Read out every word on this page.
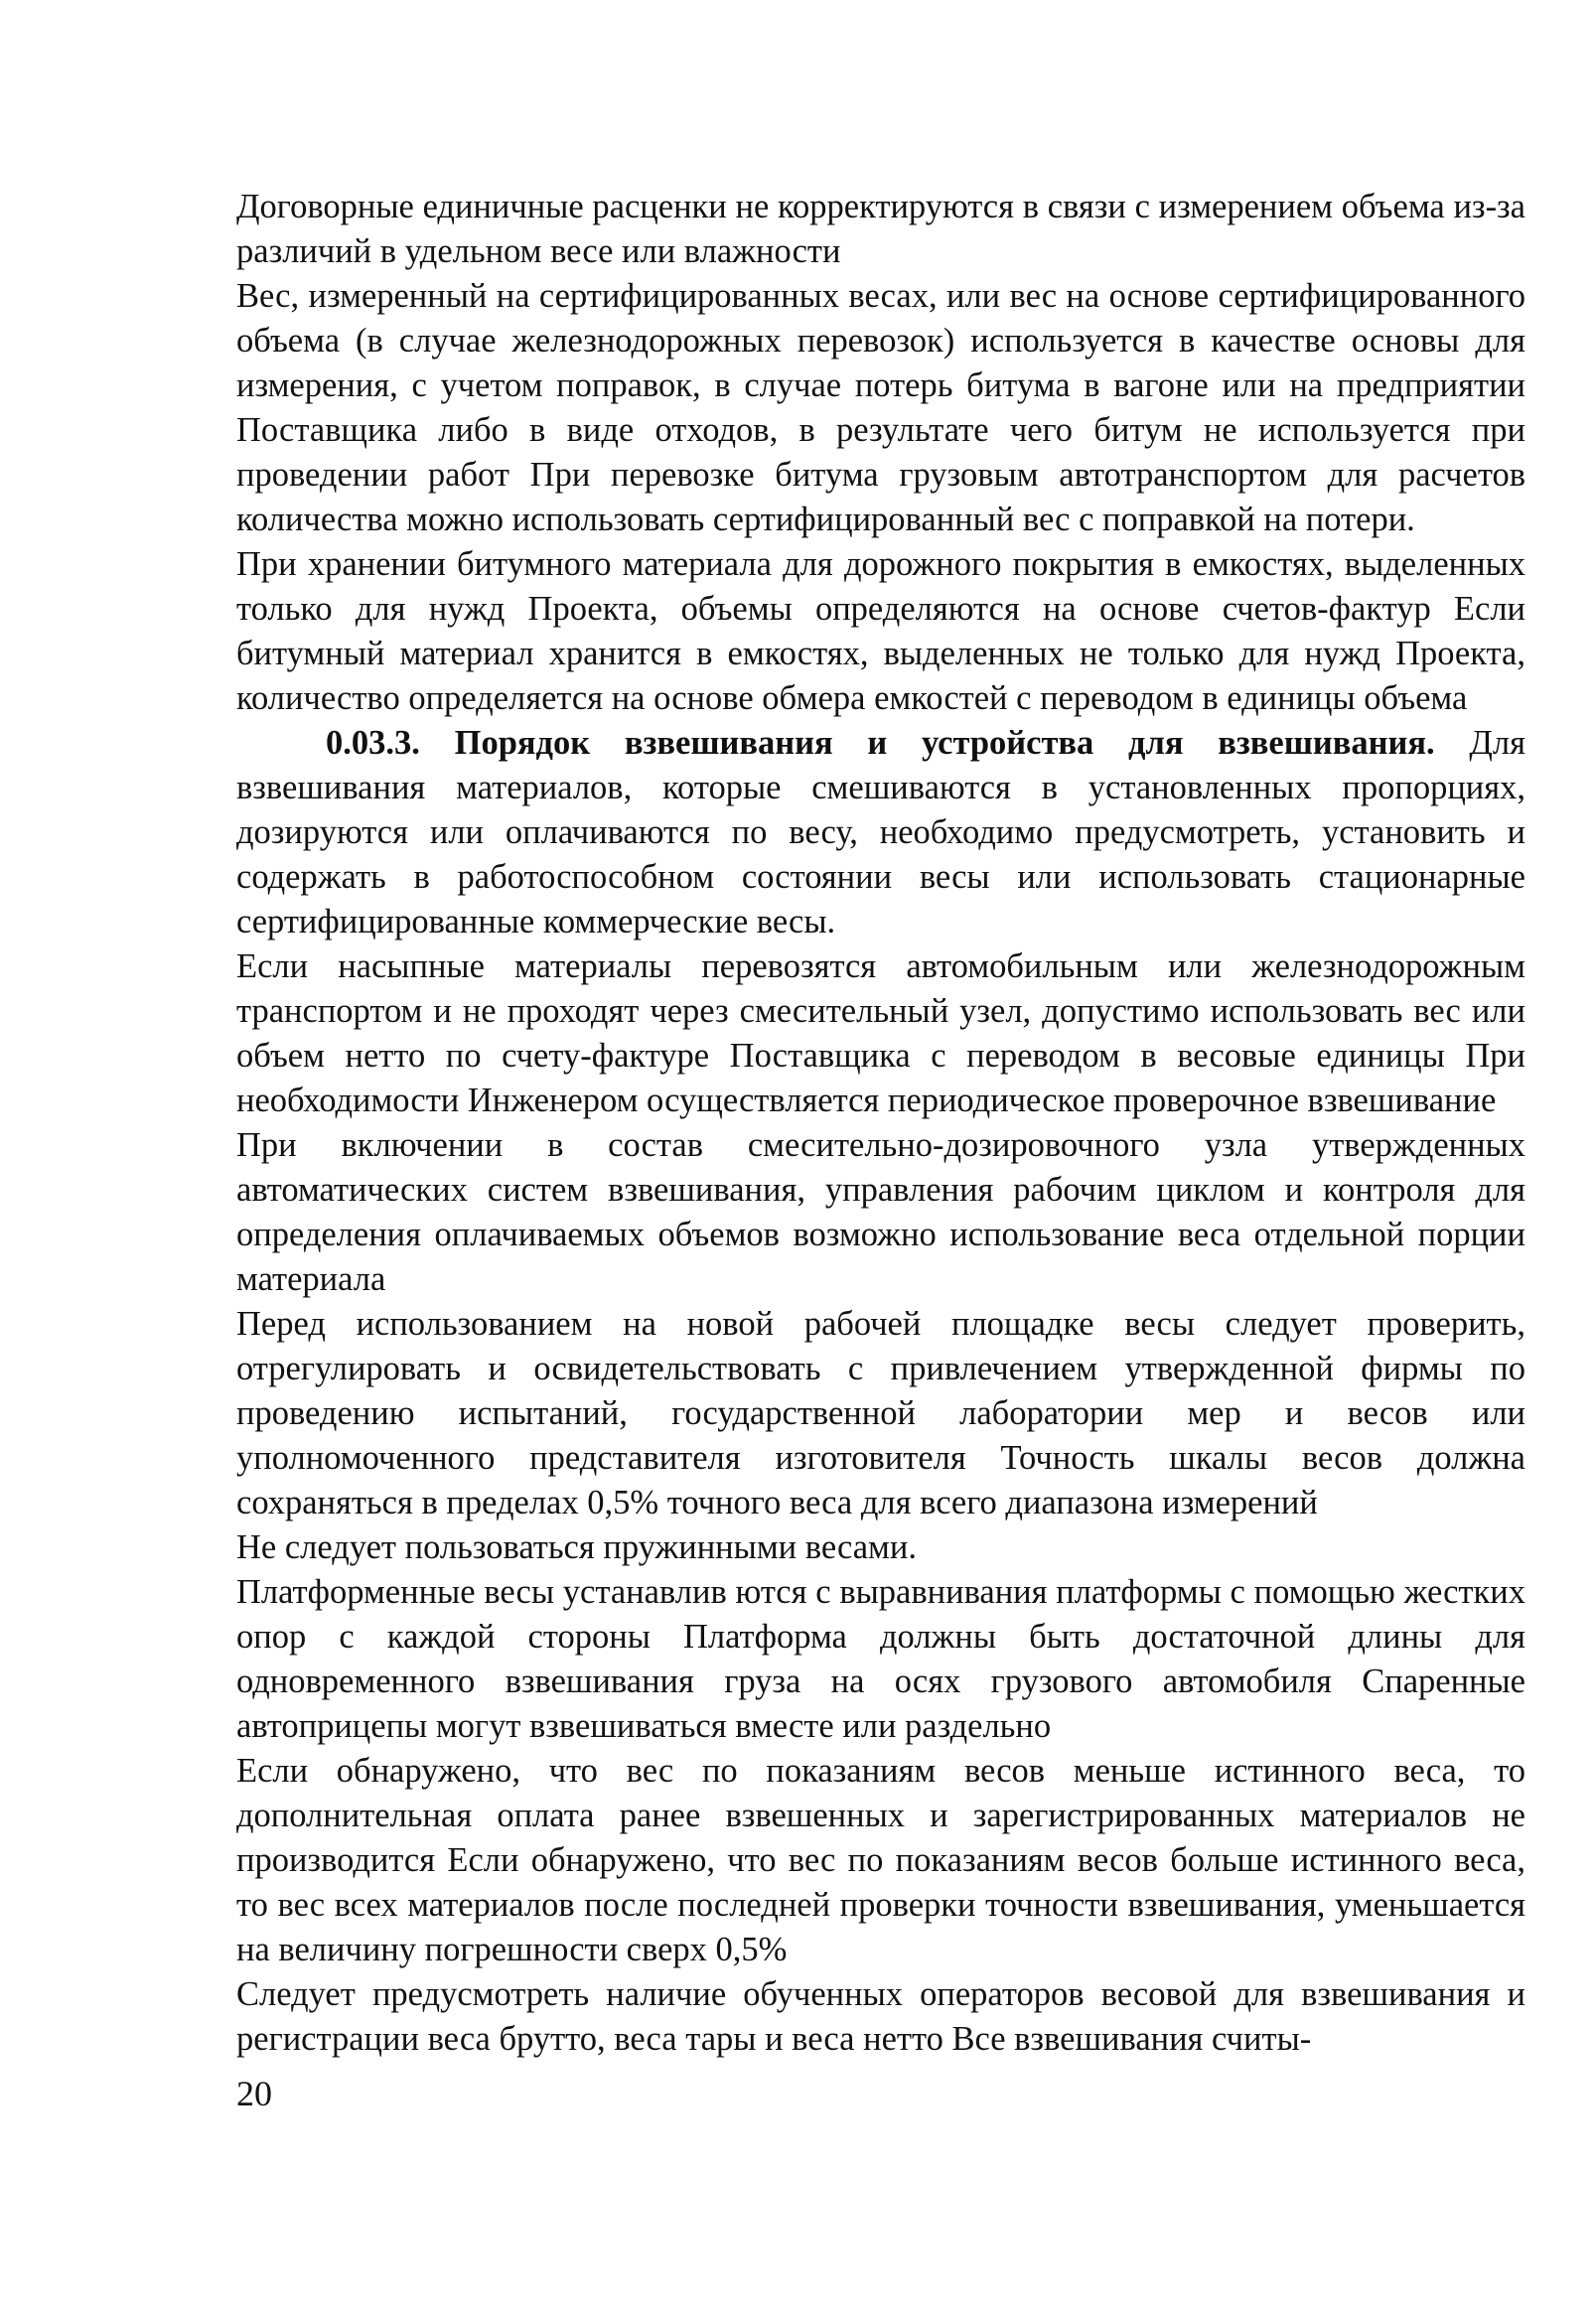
Договорные единичные расценки не корректируются в связи с измерением объема из-за различий в удельном весе или влажности

Вес, измеренный на сертифицированных весах, или вес на основе сертифицированного объема (в случае железнодорожных перевозок) используется в качестве основы для измерения, с учетом поправок, в случае потерь битума в вагоне или на предприятии Поставщика либо в виде отходов, в результате чего битум не используется при проведении работ При перевозке битума грузовым автотранспортом для расчетов количества можно использовать сертифицированный вес с поправкой на потери.

При хранении битумного материала для дорожного покрытия в емкостях, выделенных только для нужд Проекта, объемы определяются на основе счетов-фактур Если битумный материал хранится в емкостях, выделенных не только для нужд Проекта, количество определяется на основе обмера емкостей с переводом в единицы объема

0.03.3. Порядок взвешивания и устройства для взвешивания. Для взвешивания материалов, которые смешиваются в установленных пропорциях, дозируются или оплачиваются по весу, необходимо предусмотреть, установить и содержать в работоспособном состоянии весы или использовать стационарные сертифицированные коммерческие весы.

Если насыпные материалы перевозятся автомобильным или железнодорожным транспортом и не проходят через смесительный узел, допустимо использовать вес или объем нетто по счету-фактуре Поставщика с переводом в весовые единицы При необходимости Инженером осуществляется периодическое проверочное взвешивание

При включении в состав смесительно-дозировочного узла утвержденных автоматических систем взвешивания, управления рабочим циклом и контроля для определения оплачиваемых объемов возможно использование веса отдельной порции материала

Перед использованием на новой рабочей площадке весы следует проверить, отрегулировать и освидетельствовать с привлечением утвержденной фирмы по проведению испытаний, государственной лаборатории мер и весов или уполномоченного представителя изготовителя Точность шкалы весов должна сохраняться в пределах 0,5% точного веса для всего диапазона измерений

Не следует пользоваться пружинными весами.

Платформенные весы устанавлив ются с выравнивания платформы с помощью жестких опор с каждой стороны Платформа должны быть достаточной длины для одновременного взвешивания груза на осях грузового автомобиля Спаренные автоприцепы могут взвешиваться вместе или раздельно

Если обнаружено, что вес по показаниям весов меньше истинного веса, то дополнительная оплата ранее взвешенных и зарегистрированных материалов не производится Если обнаружено, что вес по показаниям весов больше истинного веса, то вес всех материалов после последней проверки точности взвешивания, уменьшается на величину погрешности сверх 0,5%

Следует предусмотреть наличие обученных операторов весовой для взвешивания и регистрации веса брутто, веса тары и веса нетто Все взвешивания считы-

20
